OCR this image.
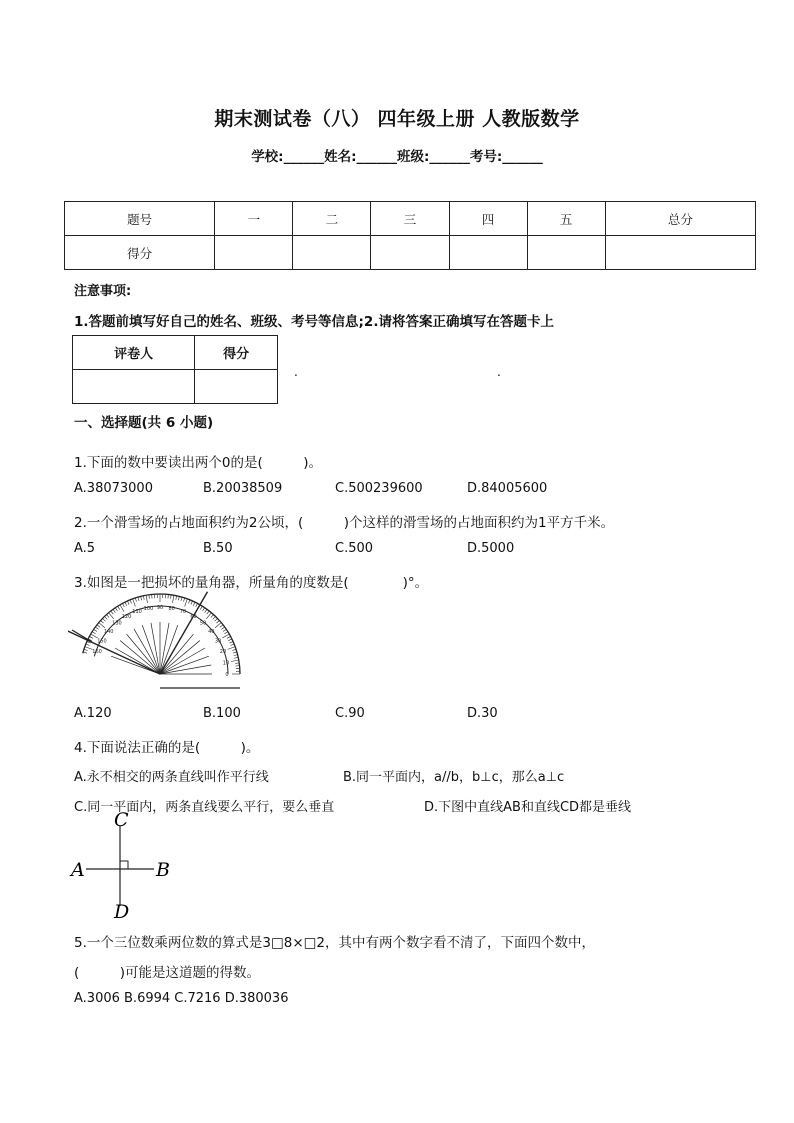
期末测试卷（八） 四年级上册 人教版数学
学校:______姓名:______班级:______考号:______
题号	一	二	三	四	五	总分
得分						
注意事项:
1.答题前填写好自己的姓名、班级、考号等信息;2.请将答案正确填写在答题卡上
评卷人	得分

.	.
一、选择题(共 6 小题)
1.下面的数中要读出两个0的是(　　　)。
A.38073000	B.20038509	C.500239600	D.84005600
2.一个滑雪场的占地面积约为2公顷，(　　　)个这样的滑雪场的占地面积约为1平方千米。
A.5	B.50	C.500	D.5000
3.如图是一把损坏的量角器，所量角的度数是(　　　　)°。
0
10
20
30
40
50
60
70
80
90
100
110
120
130
140
150
160
A.120	B.100	C.90	D.30
4.下面说法正确的是(　　　)。
A.永不相交的两条直线叫作平行线	B.同一平面内，a//b，b⊥c，那么a⊥c
C.同一平面内，两条直线要么平行，要么垂直	D.下图中直线AB和直线CD都是垂线
C
A	B
D
5.一个三位数乘两位数的算式是3□8×□2，其中有两个数字看不清了，下面四个数中，
(　　　)可能是这道题的得数。
A.3006 B.6994 C.7216 D.380036
